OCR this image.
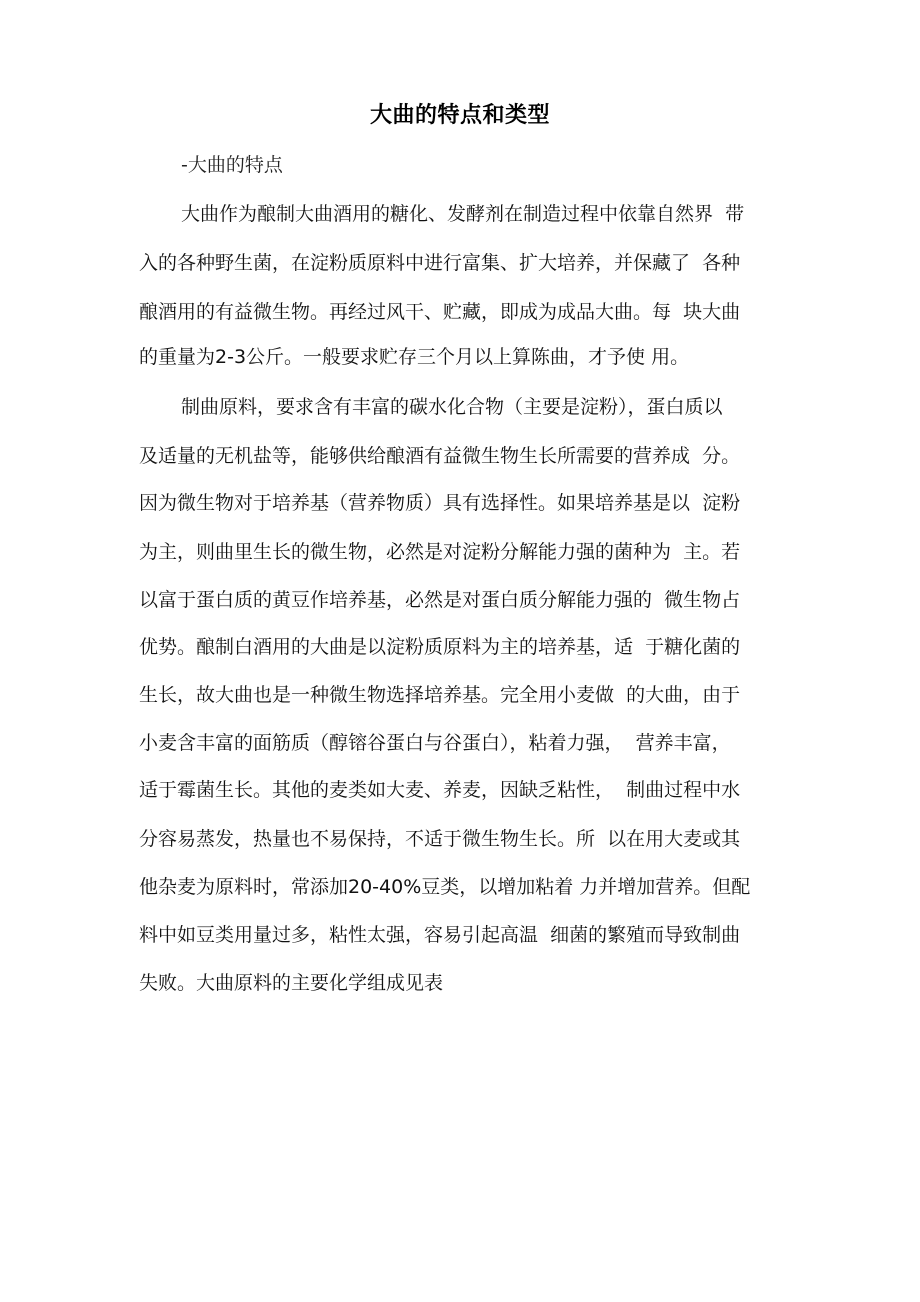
大曲的特点和类型
-大曲的特点
大曲作为酿制大曲酒用的糖化、发酵剂在制造过程中依靠自然界  带
入的各种野生菌，在淀粉质原料中进行富集、扩大培养，并保藏了  各种
酿酒用的有益微生物。再经过风干、贮藏，即成为成品大曲。每  块大曲
的重量为2-3公斤。一般要求贮存三个月以上算陈曲，才予使 用。
制曲原料，要求含有丰富的碳水化合物（主要是淀粉），蛋白质以
及适量的无机盐等，能够供给酿酒有益微生物生长所需要的营养成  分。
因为微生物对于培养基（营养物质）具有选择性。如果培养基是以  淀粉
为主，则曲里生长的微生物，必然是对淀粉分解能力强的菌种为  主。若
以富于蛋白质的黄豆作培养基，必然是对蛋白质分解能力强的  微生物占
优势。酿制白酒用的大曲是以淀粉质原料为主的培养基，适  于糖化菌的
生长，故大曲也是一种微生物选择培养基。完全用小麦做  的大曲，由于
小麦含丰富的面筋质（醇镕谷蛋白与谷蛋白），粘着力强，  营养丰富，
适于霉菌生长。其他的麦类如大麦、养麦，因缺乏粘性，  制曲过程中水
分容易蒸发，热量也不易保持，不适于微生物生长。所  以在用大麦或其
他杂麦为原料时，常添加20-40%豆类，以增加粘着 力并增加营养。但配
料中如豆类用量过多，粘性太强，容易引起高温  细菌的繁殖而导致制曲
失败。大曲原料的主要化学组成见表
